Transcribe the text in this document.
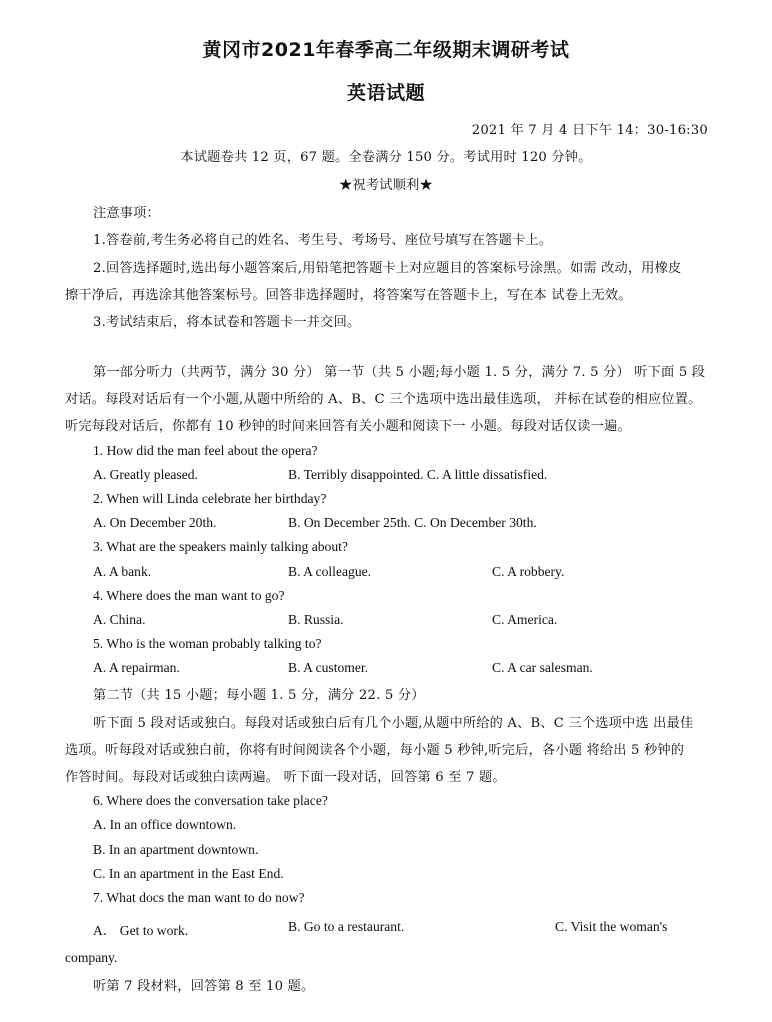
黄冈市2021年春季高二年级期末调研考试
英语试题
2021 年 7 月 4 日下午 14：30-16:30
本试题卷共 12 页，67 题。全卷满分 150 分。考试用时 120 分钟。
★祝考试顺利★
注意事项：
1.答卷前,考生务必将自己的姓名、考生号、考场号、座位号填写在答题卡上。
2.回答选择题时,选出每小题答案后,用铅笔把答题卡上对应题目的答案标号涂黑。如需 改动，用橡皮
擦干净后，再选涂其他答案标号。回答非选择题时，将答案写在答题卡上，写在本 试卷上无效。
3.考试结束后，将本试卷和答题卡一并交回。
第一部分听力（共两节，满分 30 分） 第一节（共 5 小题;每小题 1. 5 分，满分 7. 5 分） 听下面 5 段
对话。每段对话后有一个小题,从题中所给的 A、B、C 三个选项中选出最佳选项， 并标在试卷的相应位置。
听完每段对话后，你都有 10 秒钟的时间来回答有关小题和阅读下一 小题。每段对话仅读一遍。
1. How did the man feel about the opera?
A. Greatly pleased.	B. Terribly disappointed. C. A little dissatisfied.
2. When will Linda celebrate her birthday?
A. On December 20th.	B. On December 25th. C. On December 30th.
3. What are the speakers mainly talking about?
A. A bank.	B. A colleague.	C. A robbery.
4. Where does the man want to go?
A. China.	B. Russia.	C. America.
5. Who is the woman probably talking to?
A. A repairman.	B. A customer.	C. A car salesman.
第二节（共 15 小题；每小题 1. 5 分，满分 22. 5 分）
听下面 5 段对话或独白。每段对话或独白后有几个小题,从题中所给的 A、B、C 三个选项中选 出最佳
选项。听每段对话或独白前，你将有时间阅读各个小题，每小题 5 秒钟,听完后，各小题 将给出 5 秒钟的
作答时间。每段对话或独白读两遍。 听下面一段对话，回答第 6 至 7 题。
6. Where does the conversation take place?
A. In an office downtown.
B. In an apartment downtown.
C. In an apartment in the East End.
7. What docs the man want to do now?
A． Get to work.	B. Go to a restaurant.	C. Visit the woman's
company.
听第 7 段材料，回答第 8 至 10 题。
